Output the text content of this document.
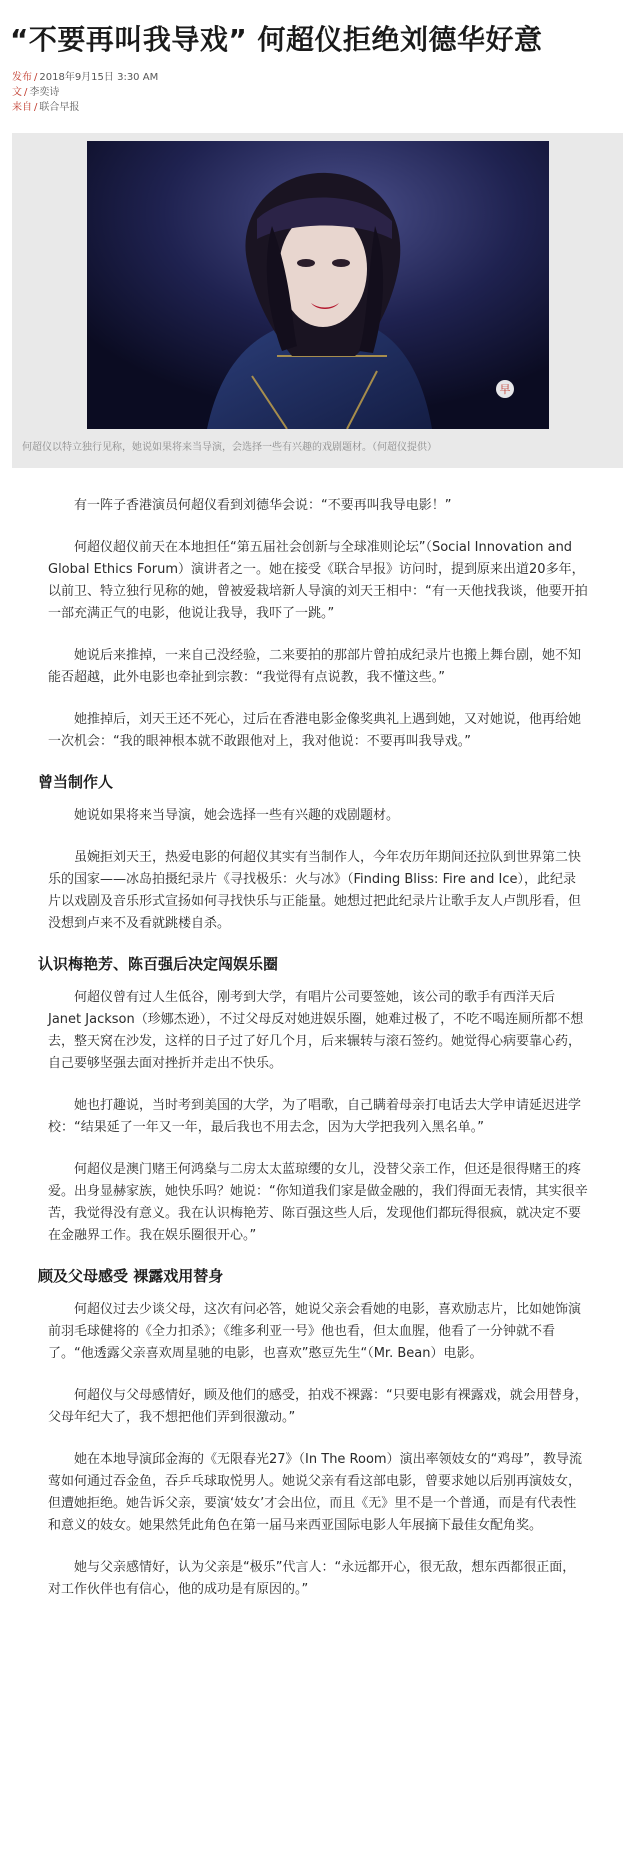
“不要再叫我导戏” 何超仪拒绝刘德华好意
发布 / 2018年9月15日 3:30 AM
文 / 李奕诗
来自 / 联合早报
早
何超仪以特立独行见称，她说如果将来当导演，会选择一些有兴趣的戏剧题材。（何超仪提供）

有一阵子香港演员何超仪看到刘德华会说：“不要再叫我导电影！”

何超仪超仪前天在本地担任“第五届社会创新与全球准则论坛”（Social Innovation and Global Ethics Forum）演讲者之一。她在接受《联合早报》访问时，提到原来出道20多年，以前卫、特立独行见称的她，曾被爱栽培新人导演的刘天王相中：“有一天他找我谈，他要开拍一部充满正气的电影，他说让我导，我吓了一跳。”

她说后来推掉，一来自己没经验，二来要拍的那部片曾拍成纪录片也搬上舞台剧，她不知能否超越，此外电影也牵扯到宗教：“我觉得有点说教，我不懂这些。”

她推掉后，刘天王还不死心，过后在香港电影金像奖典礼上遇到她，又对她说，他再给她一次机会：“我的眼神根本就不敢跟他对上，我对他说：不要再叫我导戏。”

曾当制作人

她说如果将来当导演，她会选择一些有兴趣的戏剧题材。

虽婉拒刘天王，热爱电影的何超仪其实有当制作人，今年农历年期间还拉队到世界第二快乐的国家——冰岛拍摄纪录片《寻找极乐：火与冰》（Finding Bliss: Fire and Ice），此纪录片以戏剧及音乐形式宣扬如何寻找快乐与正能量。她想过把此纪录片让歌手友人卢凯彤看，但没想到卢来不及看就跳楼自杀。

认识梅艳芳、陈百强后决定闯娱乐圈

何超仪曾有过人生低谷，刚考到大学，有唱片公司要签她，该公司的歌手有西洋天后Janet Jackson（珍娜杰逊），不过父母反对她进娱乐圈，她难过极了，不吃不喝连厕所都不想去，整天窝在沙发，这样的日子过了好几个月，后来辗转与滚石签约。她觉得心病要靠心药，自己要够坚强去面对挫折并走出不快乐。

她也打趣说，当时考到美国的大学，为了唱歌，自己瞒着母亲打电话去大学申请延迟进学校：“结果延了一年又一年，最后我也不用去念，因为大学把我列入黑名单。”

何超仪是澳门赌王何鸿燊与二房太太蓝琼缨的女儿，没替父亲工作，但还是很得赌王的疼爱。出身显赫家族，她快乐吗？她说：“你知道我们家是做金融的，我们得面无表情，其实很辛苦，我觉得没有意义。我在认识梅艳芳、陈百强这些人后，发现他们都玩得很疯，就决定不要在金融界工作。我在娱乐圈很开心。”

顾及父母感受 裸露戏用替身

何超仪过去少谈父母，这次有问必答，她说父亲会看她的电影，喜欢励志片，比如她饰演前羽毛球健将的《全力扣杀》；《维多利亚一号》他也看，但太血腥，他看了一分钟就不看了。“他透露父亲喜欢周星驰的电影，也喜欢”憨豆先生“（Mr. Bean）电影。

何超仪与父母感情好，顾及他们的感受，拍戏不裸露：“只要电影有裸露戏，就会用替身，父母年纪大了，我不想把他们弄到很激动。”

她在本地导演邱金海的《无限春光27》（In The Room）演出率领妓女的“鸡母”，教导流莺如何通过吞金鱼，吞乒乓球取悦男人。她说父亲有看这部电影，曾要求她以后别再演妓女，但遭她拒绝。她告诉父亲，要演‘妓女’才会出位，而且《无》里不是一个普通，而是有代表性和意义的妓女。她果然凭此角色在第一届马来西亚国际电影人年展摘下最佳女配角奖。

她与父亲感情好，认为父亲是“极乐”代言人：“永远都开心，很无敌，想东西都很正面，对工作伙伴也有信心，他的成功是有原因的。”
